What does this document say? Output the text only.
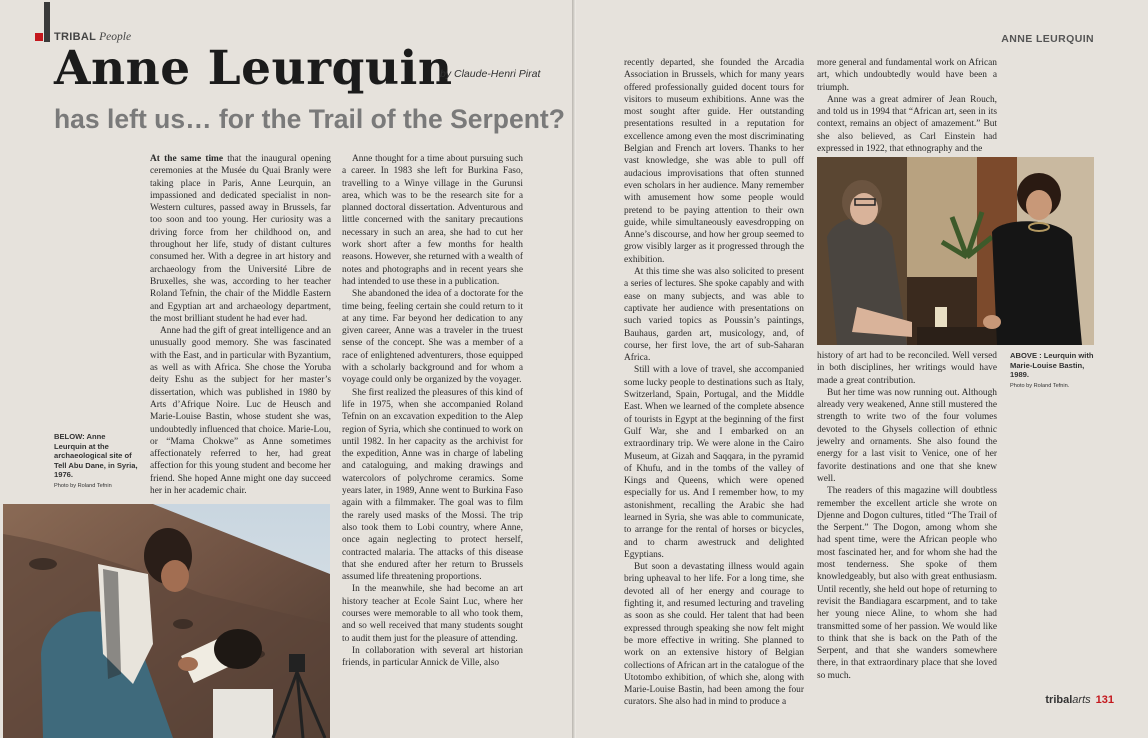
TRIBAL People
Anne Leurquin
by Claude-Henri Pirat
has left us… for the Trail of the Serpent?

At the same time that the inaugural opening ceremonies at the Musée du Quai Branly were taking place in Paris, Anne Leurquin, an impassioned and dedicated specialist in non-Western cultures, passed away in Brussels, far too soon and too young. Her curiosity was a driving force from her childhood on, and throughout her life, study of distant cultures consumed her. With a degree in art history and archaeology from the Université Libre de Bruxelles, she was, according to her teacher Roland Tefnin, the chair of the Middle Eastern and Egyptian art and archaeology department, the most brilliant student he had ever had.

Anne had the gift of great intelligence and an unusually good memory. She was fascinated with the East, and in particular with Byzantium, as well as with Africa. She chose the Yoruba deity Eshu as the subject for her master’s dissertation, which was published in 1980 by Arts d’Afrique Noire. Luc de Heusch and Marie-Louise Bastin, whose student she was, undoubtedly influenced that choice. Marie-Lou, or “Mama Chokwe” as Anne sometimes affectionately referred to her, had great affection for this young student and become her friend. She hoped Anne might one day succeed her in her academic chair.

Anne thought for a time about pursuing such a career. In 1983 she left for Burkina Faso, travelling to a Winye village in the Gurunsi area, which was to be the research site for a planned doctoral dissertation. Adventurous and little concerned with the sanitary precautions necessary in such an area, she had to cut her work short after a few months for health reasons. However, she returned with a wealth of notes and photographs and in recent years she had intended to use these in a publication.

She abandoned the idea of a doctorate for the time being, feeling certain she could return to it at any time. Far beyond her dedication to any given career, Anne was a traveler in the truest sense of the concept. She was a member of a race of enlightened adventurers, those equipped with a scholarly background and for whom a voyage could only be organized by the voyager.

She first realized the pleasures of this kind of life in 1975, when she accompanied Roland Tefnin on an excavation expedition to the Alep region of Syria, which she continued to work on until 1982. In her capacity as the archivist for the expedition, Anne was in charge of labeling and cataloguing, and making drawings and watercolors of polychrome ceramics. Some years later, in 1989, Anne went to Burkina Faso again with a filmmaker. The goal was to film the rarely used masks of the Mossi. The trip also took them to Lobi country, where Anne, once again neglecting to protect herself, contracted malaria. The attacks of this disease that she endured after her return to Brussels assumed life threatening proportions.

In the meanwhile, she had become an art history teacher at Ecole Saint Luc, where her courses were memorable to all who took them, and so well received that many students sought to audit them just for the pleasure of attending.

In collaboration with several art historian friends, in particular Annick de Ville, also

BELOW: Anne Leurquin at the archaeological site of Tell Abu Dane, in Syria, 1976.
Photo by Roland Tefnin
ANNE LEURQUIN

recently departed, she founded the Arcadia Association in Brussels, which for many years offered professionally guided docent tours for visitors to museum exhibitions. Anne was the most sought after guide. Her outstanding presentations resulted in a reputation for excellence among even the most discriminating Belgian and French art lovers. Thanks to her vast knowledge, she was able to pull off audacious improvisations that often stunned even scholars in her audience. Many remember with amusement how some people would pretend to be paying attention to their own guide, while simultaneously eavesdropping on Anne’s discourse, and how her group seemed to grow visibly larger as it progressed through the exhibition.

At this time she was also solicited to present a series of lectures. She spoke capably and with ease on many subjects, and was able to captivate her audience with presentations on such varied topics as Poussin’s paintings, Bauhaus, garden art, musicology, and, of course, her first love, the art of sub-Saharan Africa.

Still with a love of travel, she accompanied some lucky people to destinations such as Italy, Switzerland, Spain, Portugal, and the Middle East. When we learned of the complete absence of tourists in Egypt at the beginning of the first Gulf War, she and I embarked on an extraordinary trip. We were alone in the Cairo Museum, at Gizah and Saqqara, in the pyramid of Khufu, and in the tombs of the valley of Kings and Queens, which were opened especially for us. And I remember how, to my astonishment, recalling the Arabic she had learned in Syria, she was able to communicate, to arrange for the rental of horses or bicycles, and to charm awestruck and delighted Egyptians.

But soon a devastating illness would again bring upheaval to her life. For a long time, she devoted all of her energy and courage to fighting it, and resumed lecturing and traveling as soon as she could. Her talent that had been expressed through speaking she now felt might be more effective in writing. She planned to work on an extensive history of Belgian collections of African art in the catalogue of the Utotombo exhibition, of which she, along with Marie-Louise Bastin, had been among the four curators. She also had in mind to produce a

more general and fundamental work on African art, which undoubtedly would have been a triumph.

Anne was a great admirer of Jean Rouch, and told us in 1994 that “African art, seen in its context, remains an object of amazement.” But she also believed, as Carl Einstein had expressed in 1922, that ethnography and the

ABOVE : Leurquin with Marie-Louise Bastin, 1989.
Photo by Roland Tefnin.

history of art had to be reconciled. Well versed in both disciplines, her writings would have made a great contribution.

But her time was now running out. Although already very weakened, Anne still mustered the strength to write two of the four volumes devoted to the Ghysels collection of ethnic jewelry and ornaments. She also found the energy for a last visit to Venice, one of her favorite destinations and one that she knew well.

The readers of this magazine will doubtless remember the excellent article she wrote on Djenne and Dogon cultures, titled “The Trail of the Serpent.” The Dogon, among whom she had spent time, were the African people who most fascinated her, and for whom she had the most tenderness. She spoke of them knowledgeably, but also with great enthusiasm. Until recently, she held out hope of returning to revisit the Bandiagara escarpment, and to take her young niece Aline, to whom she had transmitted some of her passion. We would like to think that she is back on the Path of the Serpent, and that she wanders somewhere there, in that extraordinary place that she loved so much.

tribalarts 131
